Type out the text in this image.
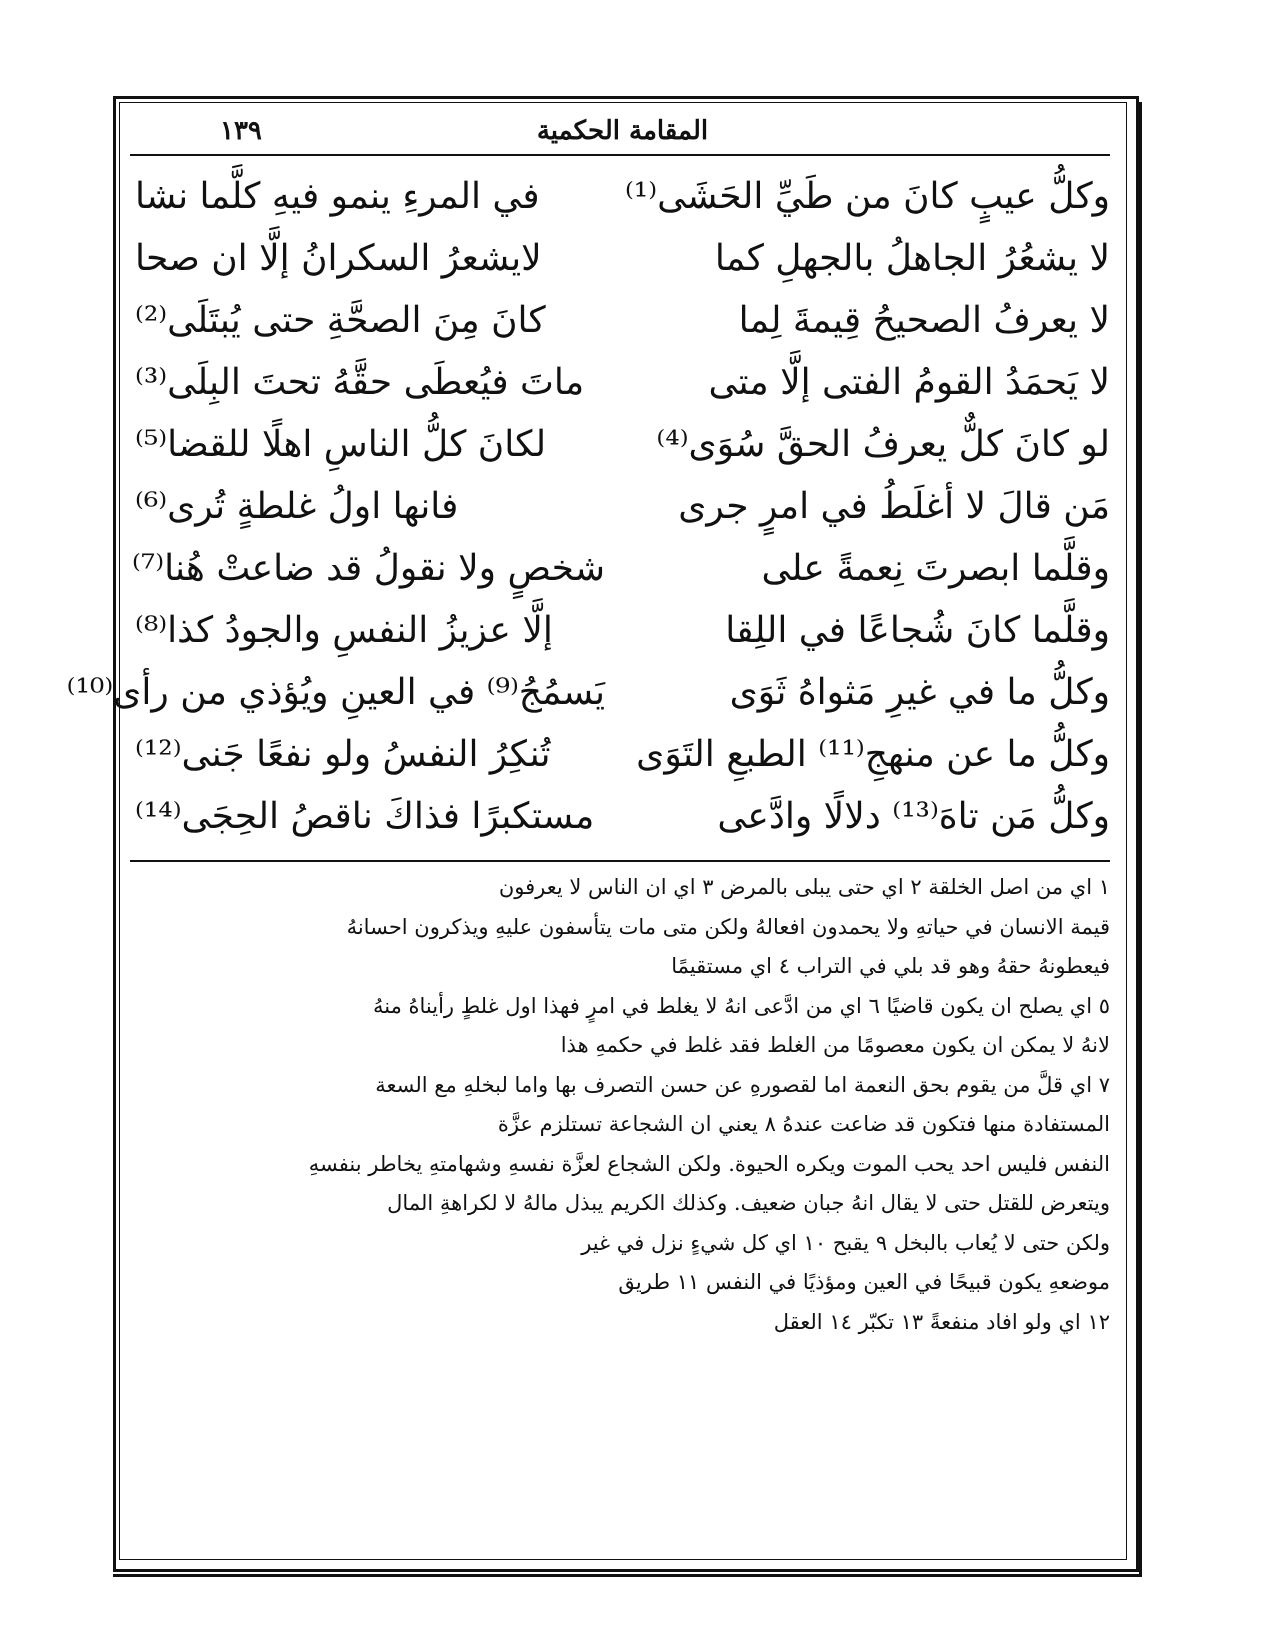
المقامة الحكمية
١٣٩
وكلُّ عيبٍ كانَ من طَيِّ الحَشَى⁽¹⁾
في المرءِ ينمو فيهِ كلَّما نشا
لا يشعُرُ الجاهلُ بالجهلِ كما
لايشعرُ السكرانُ إلَّا ان صحا
لا يعرفُ الصحيحُ قِيمةَ لِما
كانَ مِنَ الصحَّةِ حتى يُبتَلَى⁽²⁾
لا يَحمَدُ القومُ الفتى إلَّا متى
ماتَ فيُعطَى حقَّهُ تحتَ البِلَى⁽³⁾
لو كانَ كلٌّ يعرفُ الحقَّ سُوَى⁽⁴⁾
لكانَ كلُّ الناسِ اهلًا للقضا⁽⁵⁾
مَن قالَ لا أغلَطُ في امرٍ جرى
فانها اولُ غلطةٍ تُرى⁽⁶⁾
وقلَّما ابصرتَ نِعمةً على
شخصٍ ولا نقولُ قد ضاعتْ هُنا⁽⁷⁾
وقلَّما كانَ شُجاعًا في اللِقا
إلَّا عزيزُ النفسِ والجودُ كذا⁽⁸⁾
وكلُّ ما في غيرِ مَثواهُ ثَوَى
يَسمُجُ⁽⁹⁾ في العينِ ويُؤذي من رأى⁽¹⁰⁾
وكلُّ ما عن منهجِ⁽¹¹⁾ الطبعِ التَوَى
تُنكِرُ النفسُ ولو نفعًا جَنى⁽¹²⁾
وكلُّ مَن تاهَ⁽¹³⁾ دلالًا وادَّعى
مستكبرًا فذاكَ ناقصُ الحِجَى⁽¹⁴⁾
١ اي من اصل الخلقة ٢ اي حتى يبلى بالمرض ٣ اي ان الناس لا يعرفون
قيمة الانسان في حياتهِ ولا يحمدون افعالهُ ولكن متى مات يتأسفون عليهِ ويذكرون احسانهُ
فيعطونهُ حقهُ وهو قد بلي في التراب ٤ اي مستقيمًا
٥ اي يصلح ان يكون قاضيًا ٦ اي من ادَّعى انهُ لا يغلط في امرٍ فهذا اول غلطٍ رأيناهُ منهُ
لانهُ لا يمكن ان يكون معصومًا من الغلط فقد غلط في حكمهِ هذا
٧ اي قلَّ من يقوم بحق النعمة اما لقصورهِ عن حسن التصرف بها واما لبخلهِ مع السعة
المستفادة منها فتكون قد ضاعت عندهُ ٨ يعني ان الشجاعة تستلزم عزَّة
النفس فليس احد يحب الموت ويكره الحيوة. ولكن الشجاع لعزَّة نفسهِ وشهامتهِ يخاطر بنفسهِ
ويتعرض للقتل حتى لا يقال انهُ جبان ضعيف. وكذلك الكريم يبذل مالهُ لا لكراهةِ المال
ولكن حتى لا يُعاب بالبخل ٩ يقبح ١٠ اي كل شيءٍ نزل في غير
موضعهِ يكون قبيحًا في العين ومؤذيًا في النفس ١١ طريق
١٢ اي ولو افاد منفعةً ١٣ تكبّر ١٤ العقل
